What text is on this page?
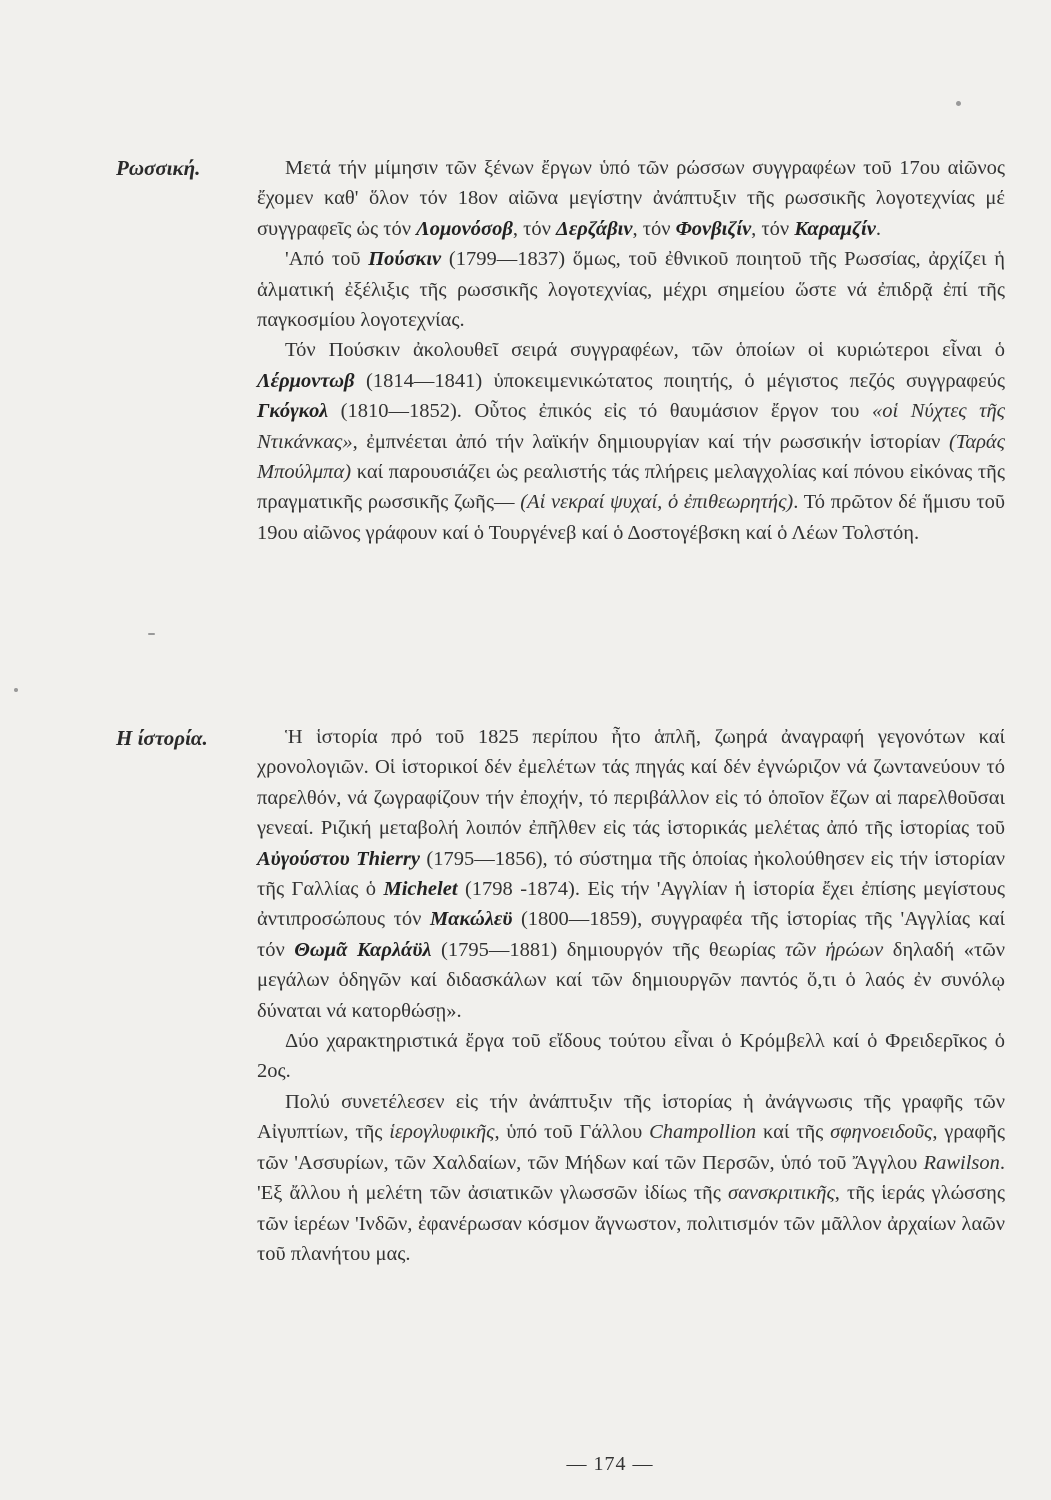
Ρωσσική.
Η ίστορία.

Μετά τήν μίμησιν τῶν ξένων ἔργων ὑπό τῶν ρώσσων συγγραφέων τοῦ 17ου αἰῶνος ἔχομεν καθ' ὅλον τόν 18ον αἰῶνα μεγίστην ἀνάπτυξιν τῆς ρωσσικῆς λογοτεχνίας μέ συγγραφεῖς ὡς τόν Λομονόσοβ, τόν Δερζάβιν, τόν Φονβιζίν, τόν Καραμζίν.

'Από τοῦ Πούσκιν (1799—1837) ὅμως, τοῦ ἐθνικοῦ ποιητοῦ τῆς Ρωσσίας, ἀρχίζει ἡ ἁλματική ἐξέλιξις τῆς ρωσσικῆς λογοτεχνίας, μέχρι σημείου ὥστε νά ἐπιδρᾷ ἐπί τῆς παγκοσμίου λογοτεχνίας.

Τόν Πούσκιν ἀκολουθεῖ σειρά συγγραφέων, τῶν ὁποίων οἱ κυριώτεροι εἶναι ὁ Λέρμοντωβ (1814—1841) ὑποκειμενικώτατος ποιητής, ὁ μέγιστος πεζός συγγραφεύς Γκόγκολ (1810—1852). Οὗτος ἐπικός εἰς τό θαυμάσιον ἔργον του «οἱ Νύχτες τῆς Ντικάνκας», ἐμπνέεται ἀπό τήν λαϊκήν δημιουργίαν καί τήν ρωσσικήν ἱστορίαν (Ταράς Μπούλμπα) καί παρουσιάζει ὡς ρεαλιστής τάς πλήρεις μελαγχολίας καί πόνου εἰκόνας τῆς πραγματικῆς ρωσσικῆς ζωῆς— (Αἱ νεκραί ψυχαί, ὁ ἐπιθεωρητής). Τό πρῶτον δέ ἥμισυ τοῦ 19ου αἰῶνος γράφουν καί ὁ Τουργένεβ καί ὁ Δοστογέβσκη καί ὁ Λέων Τολστόη.

Ἡ ἱστορία πρό τοῦ 1825 περίπου ἦτο ἁπλῆ, ζωηρά ἀναγραφή γεγονότων καί χρονολογιῶν. Οἱ ἱστορικοί δέν ἐμελέτων τάς πηγάς καί δέν ἐγνώριζον νά ζωντανεύουν τό παρελθόν, νά ζωγραφίζουν τήν ἐποχήν, τό περιβάλλον εἰς τό ὁποῖον ἔζων αἱ παρελθοῦσαι γενεαί. Ριζική μεταβολή λοιπόν ἐπῆλθεν εἰς τάς ἱστορικάς μελέτας ἀπό τῆς ἱστορίας τοῦ Αὐγούστου Thierry (1795—1856), τό σύστημα τῆς ὁποίας ἠκολούθησεν εἰς τήν ἱστορίαν τῆς Γαλλίας ὁ Michelet (1798 -1874). Εἰς τήν 'Αγγλίαν ἡ ἱστορία ἔχει ἐπίσης μεγίστους ἀντιπροσώπους τόν Μακώλεϋ (1800—1859), συγγραφέα τῆς ἱστορίας τῆς 'Αγγλίας καί τόν Θωμᾶ Καρλάϋλ (1795—1881) δημιουργόν τῆς θεωρίας τῶν ἡρώων δηλαδή «τῶν μεγάλων ὁδηγῶν καί διδασκάλων καί τῶν δημιουργῶν παντός ὅ,τι ὁ λαός ἐν συνόλῳ δύναται νά κατορθώσῃ».

Δύο χαρακτηριστικά ἔργα τοῦ εἴδους τούτου εἶναι ὁ Κρόμβελλ καί ὁ Φρειδερῖκος ὁ 2ος.

Πολύ συνετέλεσεν εἰς τήν ἀνάπτυξιν τῆς ἱστορίας ἡ ἀνάγνωσις τῆς γραφῆς τῶν Αἰγυπτίων, τῆς ἱερογλυφικῆς, ὑπό τοῦ Γάλλου Champollion καί τῆς σφηνοειδοῦς, γραφῆς τῶν 'Ασσυρίων, τῶν Χαλδαίων, τῶν Μήδων καί τῶν Περσῶν, ὑπό τοῦ Ἄγγλου Rawilson. 'Εξ ἄλλου ἡ μελέτη τῶν ἀσιατικῶν γλωσσῶν ἰδίως τῆς σανσκριτικῆς, τῆς ἱεράς γλώσσης τῶν ἱερέων 'Ινδῶν, ἐφανέρωσαν κόσμον ἄγνωστον, πολιτισμόν τῶν μᾶλλον ἀρχαίων λαῶν τοῦ πλανήτου μας.

— 174 —
